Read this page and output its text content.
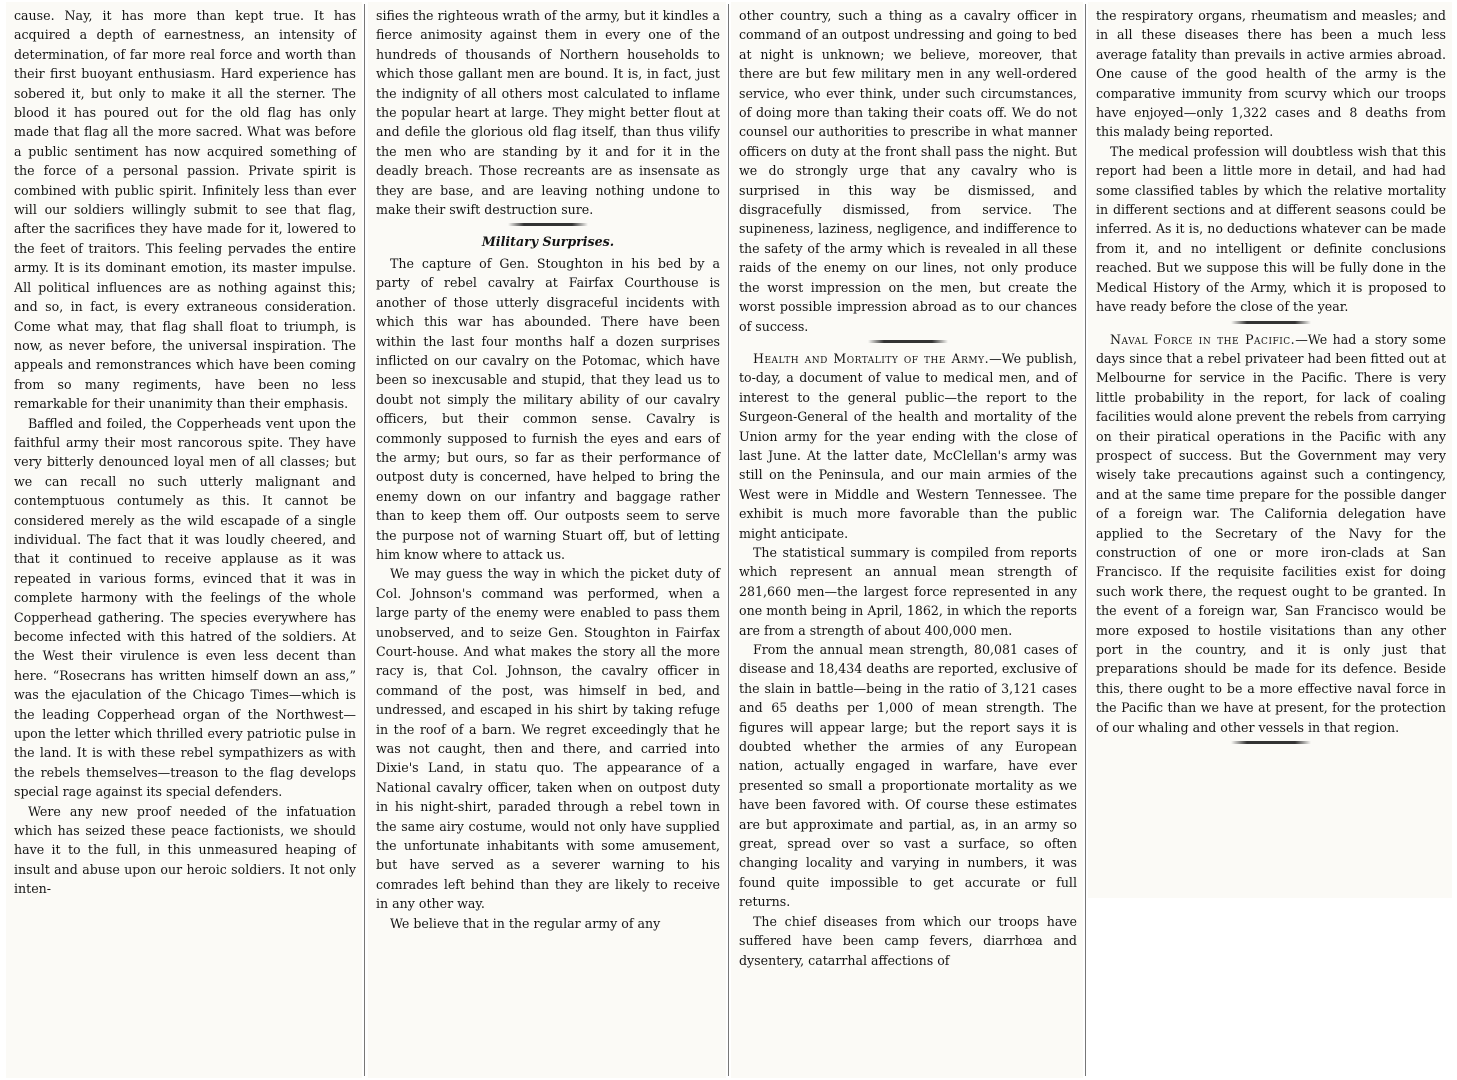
cause. Nay, it has more than kept true. It has acquired a depth of earnestness, an intensity of determination, of far more real force and worth than their first buoyant enthusiasm. Hard experience has sobered it, but only to make it all the sterner. The blood it has poured out for the old flag has only made that flag all the more sacred. What was before a public sentiment has now acquired something of the force of a personal passion. Private spirit is combined with public spirit. Infinitely less than ever will our soldiers willingly submit to see that flag, after the sacrifices they have made for it, lowered to the feet of traitors. This feeling pervades the entire army. It is its dominant emotion, its master impulse. All political influences are as nothing against this; and so, in fact, is every extraneous consideration. Come what may, that flag shall float to triumph, is now, as never before, the universal inspiration. The appeals and remonstrances which have been coming from so many regiments, have been no less remarkable for their unanimity than their emphasis.

Baffled and foiled, the Copperheads vent upon the faithful army their most rancorous spite. They have very bitterly denounced loyal men of all classes; but we can recall no such utterly malignant and contemptuous contumely as this. It cannot be considered merely as the wild escapade of a single individual. The fact that it was loudly cheered, and that it continued to receive applause as it was repeated in various forms, evinced that it was in complete harmony with the feelings of the whole Copperhead gathering. The species everywhere has become infected with this hatred of the soldiers. At the West their virulence is even less decent than here. “Rosecrans has written himself down an ass,” was the ejaculation of the Chicago Times—which is the leading Copperhead organ of the Northwest—upon the letter which thrilled every patriotic pulse in the land. It is with these rebel sympathizers as with the rebels themselves—treason to the flag develops special rage against its special defenders.

Were any new proof needed of the infatuation which has seized these peace factionists, we should have it to the full, in this unmeasured heaping of insult and abuse upon our heroic soldiers. It not only inten-

sifies the righteous wrath of the army, but it kindles a fierce animosity against them in every one of the hundreds of thousands of Northern households to which those gallant men are bound. It is, in fact, just the indignity of all others most calculated to inflame the popular heart at large. They might better flout at and defile the glorious old flag itself, than thus vilify the men who are standing by it and for it in the deadly breach. Those recreants are as insensate as they are base, and are leaving nothing undone to make their swift destruction sure.

Military Surprises.

The capture of Gen. Stoughton in his bed by a party of rebel cavalry at Fairfax Courthouse is another of those utterly disgraceful incidents with which this war has abounded. There have been within the last four months half a dozen surprises inflicted on our cavalry on the Potomac, which have been so inexcusable and stupid, that they lead us to doubt not simply the military ability of our cavalry officers, but their common sense. Cavalry is commonly supposed to furnish the eyes and ears of the army; but ours, so far as their performance of outpost duty is concerned, have helped to bring the enemy down on our infantry and baggage rather than to keep them off. Our outposts seem to serve the purpose not of warning Stuart off, but of letting him know where to attack us.

We may guess the way in which the picket duty of Col. Johnson's command was performed, when a large party of the enemy were enabled to pass them unobserved, and to seize Gen. Stoughton in Fairfax Court-house. And what makes the story all the more racy is, that Col. Johnson, the cavalry officer in command of the post, was himself in bed, and undressed, and escaped in his shirt by taking refuge in the roof of a barn. We regret exceedingly that he was not caught, then and there, and carried into Dixie's Land, in statu quo. The appearance of a National cavalry officer, taken when on outpost duty in his night-shirt, paraded through a rebel town in the same airy costume, would not only have supplied the unfortunate inhabitants with some amusement, but have served as a severer warning to his comrades left behind than they are likely to receive in any other way.

We believe that in the regular army of any

other country, such a thing as a cavalry officer in command of an outpost undressing and going to bed at night is unknown; we believe, moreover, that there are but few military men in any well-ordered service, who ever think, under such circumstances, of doing more than taking their coats off. We do not counsel our authorities to prescribe in what manner officers on duty at the front shall pass the night. But we do strongly urge that any cavalry who is surprised in this way be dismissed, and disgracefully dismissed, from service. The supineness, laziness, negligence, and indifference to the safety of the army which is revealed in all these raids of the enemy on our lines, not only produce the worst impression on the men, but create the worst possible impression abroad as to our chances of success.

Health and Mortality of the Army.—We publish, to-day, a document of value to medical men, and of interest to the general public—the report to the Surgeon-General of the health and mortality of the Union army for the year ending with the close of last June. At the latter date, McClellan's army was still on the Peninsula, and our main armies of the West were in Middle and Western Tennessee. The exhibit is much more favorable than the public might anticipate.

The statistical summary is compiled from reports which represent an annual mean strength of 281,660 men—the largest force represented in any one month being in April, 1862, in which the reports are from a strength of about 400,000 men.

From the annual mean strength, 80,081 cases of disease and 18,434 deaths are reported, exclusive of the slain in battle—being in the ratio of 3,121 cases and 65 deaths per 1,000 of mean strength. The figures will appear large; but the report says it is doubted whether the armies of any European nation, actually engaged in warfare, have ever presented so small a proportionate mortality as we have been favored with. Of course these estimates are but approximate and partial, as, in an army so great, spread over so vast a surface, so often changing locality and varying in numbers, it was found quite impossible to get accurate or full returns.

The chief diseases from which our troops have suffered have been camp fevers, diarrhœa and dysentery, catarrhal affections of

the respiratory organs, rheumatism and measles; and in all these diseases there has been a much less average fatality than prevails in active armies abroad. One cause of the good health of the army is the comparative immunity from scurvy which our troops have enjoyed—only 1,322 cases and 8 deaths from this malady being reported.

The medical profession will doubtless wish that this report had been a little more in detail, and had had some classified tables by which the relative mortality in different sections and at different seasons could be inferred. As it is, no deductions whatever can be made from it, and no intelligent or definite conclusions reached. But we suppose this will be fully done in the Medical History of the Army, which it is proposed to have ready before the close of the year.

Naval Force in the Pacific.—We had a story some days since that a rebel privateer had been fitted out at Melbourne for service in the Pacific. There is very little probability in the report, for lack of coaling facilities would alone prevent the rebels from carrying on their piratical operations in the Pacific with any prospect of success. But the Government may very wisely take precautions against such a contingency, and at the same time prepare for the possible danger of a foreign war. The California delegation have applied to the Secretary of the Navy for the construction of one or more iron-clads at San Francisco. If the requisite facilities exist for doing such work there, the request ought to be granted. In the event of a foreign war, San Francisco would be more exposed to hostile visitations than any other port in the country, and it is only just that preparations should be made for its defence. Beside this, there ought to be a more effective naval force in the Pacific than we have at present, for the protection of our whaling and other vessels in that region.
